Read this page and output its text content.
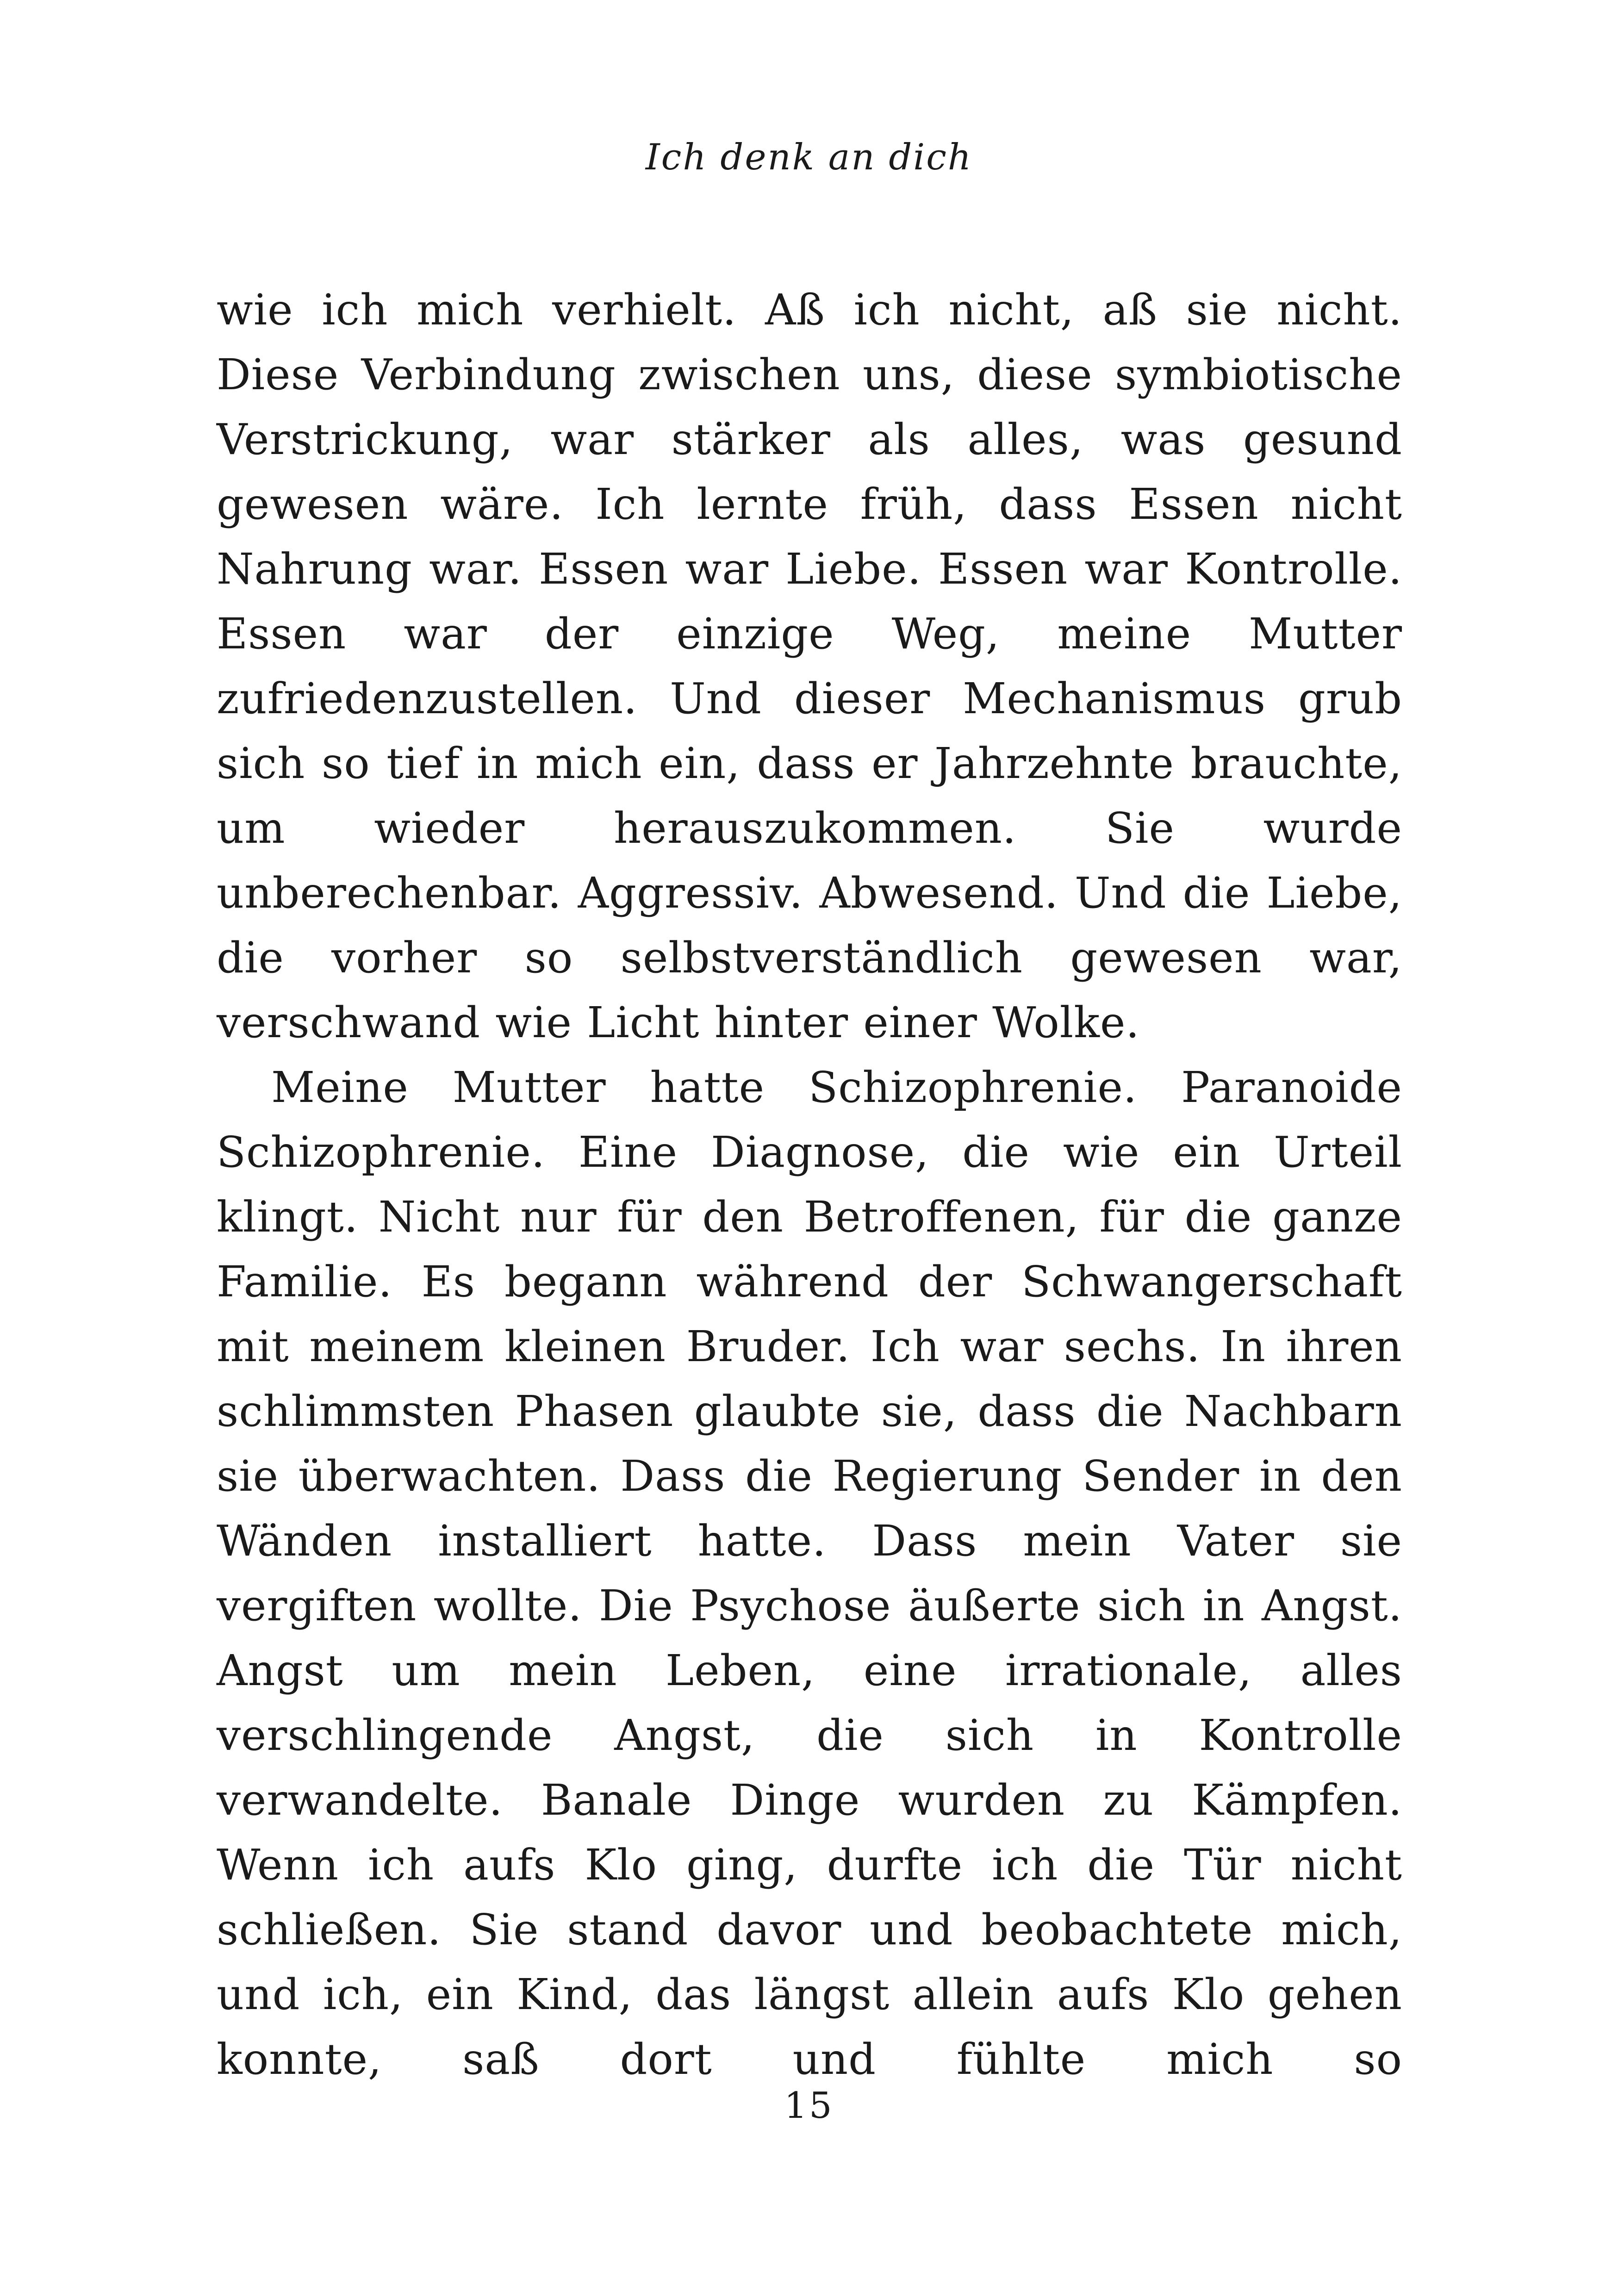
Ich denk an dich

wie ich mich verhielt. Aß ich nicht, aß sie nicht. Diese Verbindung zwischen uns, diese symbiotische Verstrickung, war stärker als alles, was gesund gewesen wäre. Ich lernte früh, dass Essen nicht Nahrung war. Essen war Liebe. Essen war Kontrolle. Essen war der einzige Weg, meine Mutter zufriedenzustellen. Und dieser Mechanismus grub sich so tief in mich ein, dass er Jahrzehnte brauchte, um wieder herauszukommen. Sie wurde unberechenbar. Aggressiv. Abwesend. Und die Liebe, die vorher so selbstverständlich gewesen war, verschwand wie Licht hinter einer Wolke.

Meine Mutter hatte Schizophrenie. Paranoide Schizophrenie. Eine Diagnose, die wie ein Urteil klingt. Nicht nur für den Betroffenen, für die ganze Familie. Es begann während der Schwangerschaft mit meinem kleinen Bruder. Ich war sechs. In ihren schlimmsten Phasen glaubte sie, dass die Nachbarn sie überwachten. Dass die Regierung Sender in den Wänden installiert hatte. Dass mein Vater sie vergiften wollte. Die Psychose äußerte sich in Angst. Angst um mein Leben, eine irrationale, alles verschlingende Angst, die sich in Kontrolle verwandelte. Banale Dinge wurden zu Kämpfen. Wenn ich aufs Klo ging, durfte ich die Tür nicht schließen. Sie stand davor und beobachtete mich, und ich, ein Kind, das längst allein aufs Klo gehen konnte, saß dort und fühlte mich so

15
